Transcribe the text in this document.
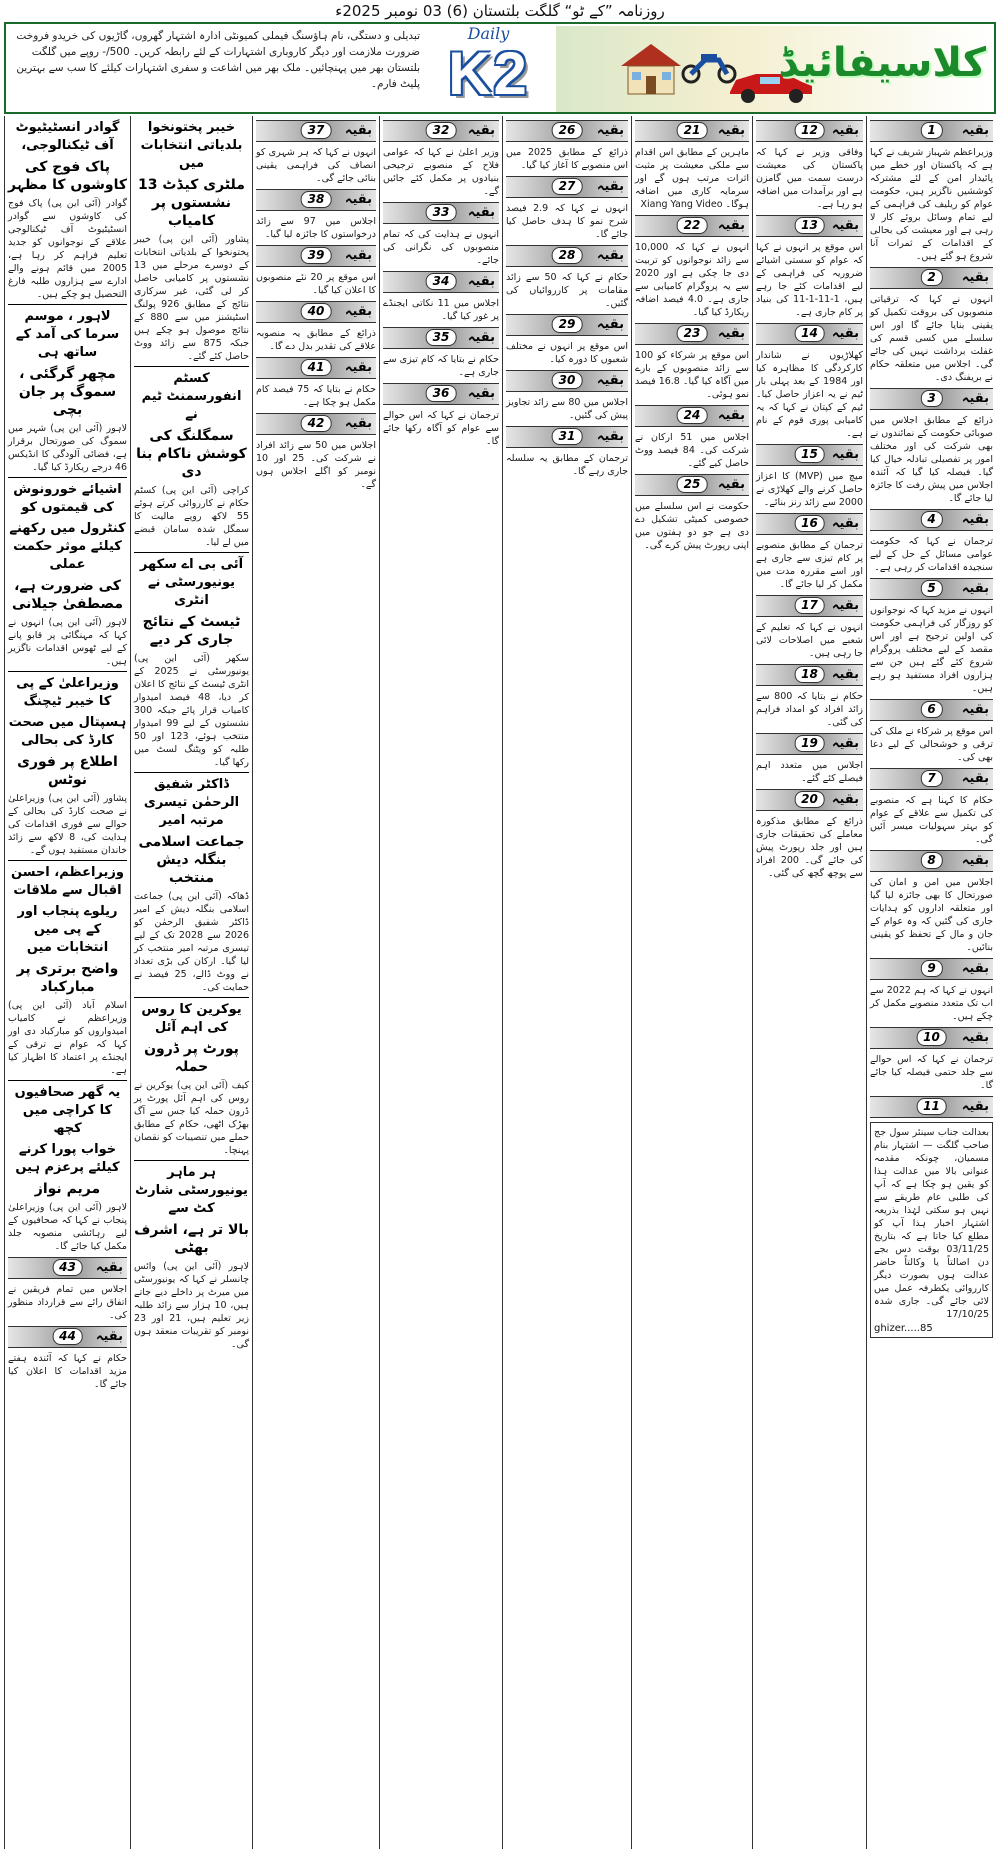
روزنامہ ”کے ٹو“ گلگت بلتستان (6) 03 نومبر 2025ء
تبدیلی و دستگی، نام ہاؤسنگ فیملی کمیونٹی ادارہ اشتہار گھروں، گاڑیوں کی خریدو فروخت ضرورت ملازمت اور دیگر کاروباری اشتہارات کے لئے رابطہ کریں۔ 500/- روپے میں گلگت بلتستان بھر میں پہنچائیں۔ ملک بھر میں اشاعت و سفری اشتہارات کیلئے کا سب سے بہترین پلیٹ فارم۔
Daily
K2	کلاسیفائیڈ
بقیہ
1
وزیراعظم شہباز شریف نے کہا ہے کہ پاکستان اور خطے میں پائیدار امن کے لئے مشترکہ کوششیں ناگزیر ہیں، حکومت عوام کو ریلیف کی فراہمی کے لیے تمام وسائل بروئے کار لا رہی ہے اور معیشت کی بحالی کے اقدامات کے ثمرات آنا شروع ہو گئے ہیں۔
بقیہ
2
انہوں نے کہا کہ ترقیاتی منصوبوں کی بروقت تکمیل کو یقینی بنایا جائے گا اور اس سلسلے میں کسی قسم کی غفلت برداشت نہیں کی جائے گی۔ اجلاس میں متعلقہ حکام نے بریفنگ دی۔
بقیہ
3
ذرائع کے مطابق اجلاس میں صوبائی حکومت کے نمائندوں نے بھی شرکت کی اور مختلف امور پر تفصیلی تبادلہ خیال کیا گیا۔ فیصلہ کیا گیا کہ آئندہ اجلاس میں پیش رفت کا جائزہ لیا جائے گا۔
بقیہ
4
ترجمان نے کہا کہ حکومت عوامی مسائل کے حل کے لیے سنجیدہ اقدامات کر رہی ہے۔
بقیہ
5
انہوں نے مزید کہا کہ نوجوانوں کو روزگار کی فراہمی حکومت کی اولین ترجیح ہے اور اس مقصد کے لیے مختلف پروگرام شروع کئے گئے ہیں جن سے ہزاروں افراد مستفید ہو رہے ہیں۔
بقیہ
6
اس موقع پر شرکاء نے ملک کی ترقی و خوشحالی کے لیے دعا بھی کی۔
بقیہ
7
حکام کا کہنا ہے کہ منصوبے کی تکمیل سے علاقے کے عوام کو بہتر سہولیات میسر آئیں گی۔
بقیہ
8
اجلاس میں امن و امان کی صورتحال کا بھی جائزہ لیا گیا اور متعلقہ اداروں کو ہدایات جاری کی گئیں کہ وہ عوام کے جان و مال کے تحفظ کو یقینی بنائیں۔
بقیہ
9
انہوں نے کہا کہ ہم 2022 سے اب تک متعدد منصوبے مکمل کر چکے ہیں۔
بقیہ
10
ترجمان نے کہا کہ اس حوالے سے جلد حتمی فیصلہ کیا جائے گا۔
بقیہ
11
بعدالت جناب سینئر سول جج صاحب گلگت — اشتہار بنام مسمیان، چونکہ مقدمہ عنوانی بالا میں عدالت ہذا کو یقین ہو چکا ہے کہ آپ کی طلبی عام طریقے سے نہیں ہو سکتی لہٰذا بذریعہ اشتہار اخبار ہذا آپ کو مطلع کیا جاتا ہے کہ بتاریخ 03/11/25 بوقت دس بجے دن اصالتاً یا وکالتاً حاضر عدالت ہوں بصورت دیگر کارروائی یکطرفہ عمل میں لائی جائے گی۔ جاری شدہ 17/10/25
ghizer.....85
بقیہ
12
وفاقی وزیر نے کہا کہ پاکستان کی معیشت درست سمت میں گامزن ہے اور برآمدات میں اضافہ ہو رہا ہے۔
بقیہ
13
اس موقع پر انہوں نے کہا کہ عوام کو سستی اشیائے ضروریہ کی فراہمی کے لیے اقدامات کئے جا رہے ہیں، 1-11-1-11 کی بنیاد پر کام جاری ہے۔
بقیہ
14
کھلاڑیوں نے شاندار کارکردگی کا مظاہرہ کیا اور 1984 کے بعد پہلی بار ٹیم نے یہ اعزاز حاصل کیا۔ ٹیم کے کپتان نے کہا کہ یہ کامیابی پوری قوم کے نام ہے۔
بقیہ
15
میچ میں (MVP) کا اعزاز حاصل کرنے والے کھلاڑی نے 2000 سے زائد رنز بنائے۔
بقیہ
16
ترجمان کے مطابق منصوبے پر کام تیزی سے جاری ہے اور اسے مقررہ مدت میں مکمل کر لیا جائے گا۔
بقیہ
17
انہوں نے کہا کہ تعلیم کے شعبے میں اصلاحات لائی جا رہی ہیں۔
بقیہ
18
حکام نے بتایا کہ 800 سے زائد افراد کو امداد فراہم کی گئی۔
بقیہ
19
اجلاس میں متعدد اہم فیصلے کئے گئے۔
بقیہ
20
ذرائع کے مطابق مذکورہ معاملے کی تحقیقات جاری ہیں اور جلد رپورٹ پیش کی جائے گی۔ 200 افراد سے پوچھ گچھ کی گئی۔
بقیہ
21
ماہرین کے مطابق اس اقدام سے ملکی معیشت پر مثبت اثرات مرتب ہوں گے اور سرمایہ کاری میں اضافہ ہوگا۔ Xiang Yang Video
بقیہ
22
انہوں نے کہا کہ 10,000 سے زائد نوجوانوں کو تربیت دی جا چکی ہے اور 2020 سے یہ پروگرام کامیابی سے جاری ہے۔ 4.0 فیصد اضافہ ریکارڈ کیا گیا۔
بقیہ
23
اس موقع پر شرکاء کو 100 سے زائد منصوبوں کے بارے میں آگاہ کیا گیا۔ 16.8 فیصد نمو ہوئی۔
بقیہ
24
اجلاس میں 51 ارکان نے شرکت کی۔ 84 فیصد ووٹ حاصل کیے گئے۔
بقیہ
25
حکومت نے اس سلسلے میں خصوصی کمیٹی تشکیل دے دی ہے جو دو ہفتوں میں اپنی رپورٹ پیش کرے گی۔
بقیہ
26
ذرائع کے مطابق 2025 میں اس منصوبے کا آغاز کیا گیا۔
بقیہ
27
انہوں نے کہا کہ 2.9 فیصد شرح نمو کا ہدف حاصل کیا جائے گا۔
بقیہ
28
حکام نے کہا کہ 50 سے زائد مقامات پر کارروائیاں کی گئیں۔
بقیہ
29
اس موقع پر انہوں نے مختلف شعبوں کا دورہ کیا۔
بقیہ
30
اجلاس میں 80 سے زائد تجاویز پیش کی گئیں۔
بقیہ
31
ترجمان کے مطابق یہ سلسلہ جاری رہے گا۔
بقیہ
32
وزیر اعلیٰ نے کہا کہ عوامی فلاح کے منصوبے ترجیحی بنیادوں پر مکمل کئے جائیں گے۔
بقیہ
33
انہوں نے ہدایت کی کہ تمام منصوبوں کی نگرانی کی جائے۔
بقیہ
34
اجلاس میں 11 نکاتی ایجنڈے پر غور کیا گیا۔
بقیہ
35
حکام نے بتایا کہ کام تیزی سے جاری ہے۔
بقیہ
36
ترجمان نے کہا کہ اس حوالے سے عوام کو آگاہ رکھا جائے گا۔
بقیہ
37
انہوں نے کہا کہ ہر شہری کو انصاف کی فراہمی یقینی بنائی جائے گی۔
بقیہ
38
اجلاس میں 97 سے زائد درخواستوں کا جائزہ لیا گیا۔
بقیہ
39
اس موقع پر 20 نئے منصوبوں کا اعلان کیا گیا۔
بقیہ
40
ذرائع کے مطابق یہ منصوبہ علاقے کی تقدیر بدل دے گا۔
بقیہ
41
حکام نے بتایا کہ 75 فیصد کام مکمل ہو چکا ہے۔
بقیہ
42
اجلاس میں 50 سے زائد افراد نے شرکت کی۔ 25 اور 10 نومبر کو اگلے اجلاس ہوں گے۔
خیبر پختونخوا بلدیاتی انتخابات میں
ملٹری کیڈٹ 13 نشستوں پر کامیاب
پشاور (آئی این پی) خیبر پختونخوا کے بلدیاتی انتخابات کے دوسرے مرحلے میں 13 نشستوں پر کامیابی حاصل کر لی گئی، غیر سرکاری نتائج کے مطابق 926 پولنگ اسٹیشنز میں سے 880 کے نتائج موصول ہو چکے ہیں جبکہ 875 سے زائد ووٹ حاصل کئے گئے۔
کسٹم انفورسمنٹ ٹیم نے
سمگلنگ کی کوشش ناکام بنا دی
کراچی (آئی این پی) کسٹم حکام نے کارروائی کرتے ہوئے 55 لاکھ روپے مالیت کا سمگل شدہ سامان قبضے میں لے لیا۔
آئی بی اے سکھر یونیورسٹی نے انٹری
ٹیسٹ کے نتائج جاری کر دیے
سکھر (آئی این پی) یونیورسٹی نے 2025 کے انٹری ٹیسٹ کے نتائج کا اعلان کر دیا، 48 فیصد امیدوار کامیاب قرار پائے جبکہ 300 نشستوں کے لیے 99 امیدوار منتخب ہوئے، 123 اور 50 طلبہ کو ویٹنگ لسٹ میں رکھا گیا۔
ڈاکٹر شفیق الرحمٰن تیسری مرتبہ امیر
جماعت اسلامی بنگلہ دیش منتخب
ڈھاکہ (آئی این پی) جماعت اسلامی بنگلہ دیش کے امیر ڈاکٹر شفیق الرحمٰن کو 2026 سے 2028 تک کے لیے تیسری مرتبہ امیر منتخب کر لیا گیا۔ ارکان کی بڑی تعداد نے ووٹ ڈالے، 25 فیصد نے حمایت کی۔
یوکرین کا روس کی اہم آئل
پورٹ پر ڈرون حملہ
کیف (آئی این پی) یوکرین نے روس کی اہم آئل پورٹ پر ڈرون حملہ کیا جس سے آگ بھڑک اٹھی، حکام کے مطابق حملے میں تنصیبات کو نقصان پہنچا۔
ہر ماہر یونیورسٹی شارٹ کٹ سے
بالا تر ہے، اشرف بھٹی
لاہور (آئی این پی) وائس چانسلر نے کہا کہ یونیورسٹی میں میرٹ پر داخلے دیے جاتے ہیں، 10 ہزار سے زائد طلبہ زیر تعلیم ہیں، 21 اور 23 نومبر کو تقریبات منعقد ہوں گی۔
گوادر انسٹیٹیوٹ آف ٹیکنالوجی،
پاک فوج کی کاوشوں کا مظہر
گوادر (آئی این پی) پاک فوج کی کاوشوں سے گوادر انسٹیٹیوٹ آف ٹیکنالوجی علاقے کے نوجوانوں کو جدید تعلیم فراہم کر رہا ہے، 2005 میں قائم ہونے والے ادارے سے ہزاروں طلبہ فارغ التحصیل ہو چکے ہیں۔
لاہور ، موسم سرما کی آمد کے ساتھ ہی
مچھر گرگئی ، سموگ پر جان بچی
لاہور (آئی این پی) شہر میں سموگ کی صورتحال برقرار ہے، فضائی آلودگی کا انڈیکس 46 درجے ریکارڈ کیا گیا۔
اشیائے خورونوش کی قیمتوں کو
کنٹرول میں رکھنے کیلئے موثر حکمت عملی
کی ضرورت ہے، مصطفیٰ جیلانی
لاہور (آئی این پی) انہوں نے کہا کہ مہنگائی پر قابو پانے کے لیے ٹھوس اقدامات ناگزیر ہیں۔
وزیراعلیٰ کے پی کا خیبر ٹیچنگ
ہسپتال میں صحت کارڈ کی بحالی
اطلاع پر فوری نوٹس
پشاور (آئی این پی) وزیراعلیٰ نے صحت کارڈ کی بحالی کے حوالے سے فوری اقدامات کی ہدایت کی، 8 لاکھ سے زائد خاندان مستفید ہوں گے۔
وزیراعظم، احسن اقبال سے ملاقات
ریلوے پنجاب اور کے پی میں انتخابات میں
واضح برتری پر مبارکباد
اسلام آباد (آئی این پی) وزیراعظم نے کامیاب امیدواروں کو مبارکباد دی اور کہا کہ عوام نے ترقی کے ایجنڈے پر اعتماد کا اظہار کیا ہے۔
یہ گھر صحافیوں کا کراچی میں کچھ
خواب پورا کرنے کیلئے پرعزم ہیں
مریم نواز
لاہور (آئی این پی) وزیراعلیٰ پنجاب نے کہا کہ صحافیوں کے لیے رہائشی منصوبہ جلد مکمل کیا جائے گا۔
بقیہ
43
اجلاس میں تمام فریقین نے اتفاق رائے سے قرارداد منظور کی۔
بقیہ
44
حکام نے کہا کہ آئندہ ہفتے مزید اقدامات کا اعلان کیا جائے گا۔
